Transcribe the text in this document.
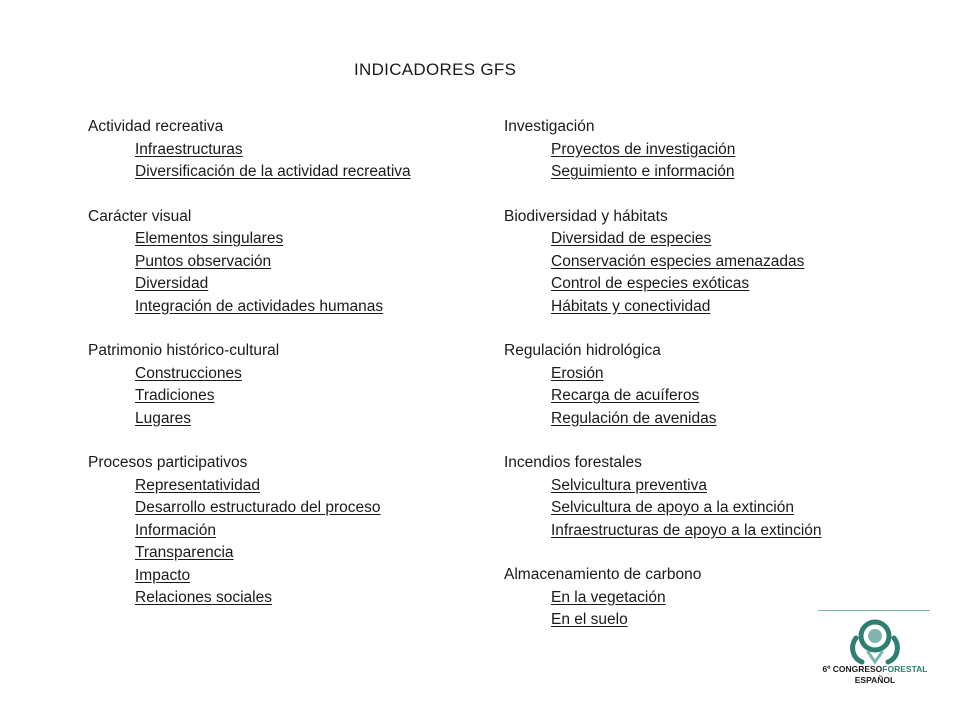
INDICADORES GFS
Actividad recreativa
Infraestructuras
Diversificación de la actividad recreativa
Carácter visual
Elementos singulares
Puntos observación
Diversidad
Integración de actividades humanas
Patrimonio histórico-cultural
Construcciones
Tradiciones
Lugares
Procesos participativos
Representatividad
Desarrollo estructurado del proceso
Información
Transparencia
Impacto
Relaciones sociales
Investigación
Proyectos de investigación
Seguimiento e información
Biodiversidad y hábitats
Diversidad de especies
Conservación especies amenazadas
Control de especies exóticas
Hábitats y conectividad
Regulación hidrológica
Erosión
Recarga de acuíferos
Regulación de avenidas
Incendios forestales
Selvicultura preventiva
Selvicultura de apoyo a la extinción
Infraestructuras de apoyo a la extinción
Almacenamiento de carbono
En la vegetación
En el suelo
6º CONGRESOFORESTAL
ESPAÑOL
